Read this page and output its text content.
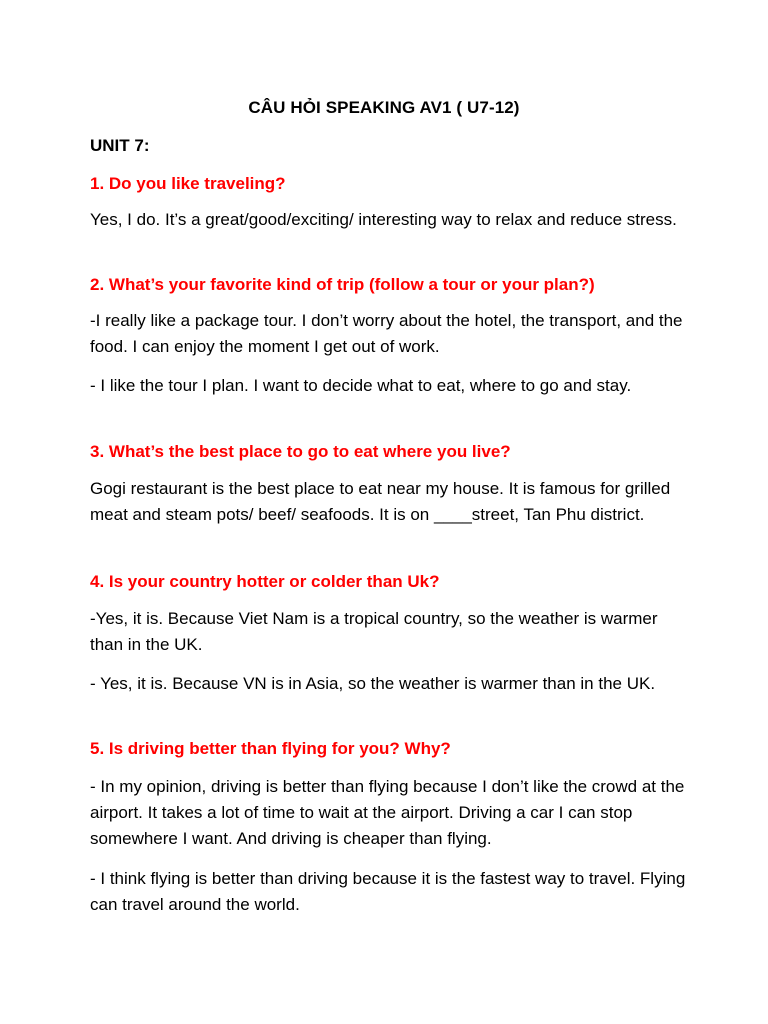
CÂU HỎI SPEAKING AV1 ( U7-12)
UNIT 7:
1. Do you like traveling?
Yes, I do. It’s a great/good/exciting/ interesting way to relax and reduce stress.
2. What’s your favorite kind of trip (follow a tour or your plan?)
-I really like a package tour. I don’t worry about the hotel, the transport, and the food. I can enjoy the moment I get out of work.
- I like the tour I plan. I want to decide what to eat, where to go and stay.
3. What’s the best place to go to eat where you live?
Gogi restaurant is the best place to eat near my house. It is famous for grilled meat and steam pots/ beef/ seafoods. It is on ____street, Tan Phu district.
4. Is your country hotter or colder than Uk?
-Yes, it is. Because Viet Nam is a tropical country, so the weather is warmer than in the UK.
- Yes, it is. Because VN is in Asia, so the weather is warmer than in the UK.
5. Is driving better than flying for you? Why?
- In my opinion, driving is better than flying because I don’t like the crowd at the airport. It takes a lot of time to wait at the airport. Driving a car I can stop somewhere I want. And driving is cheaper than flying.
- I think flying is better than driving because it is the fastest way to travel. Flying can travel around the world.
